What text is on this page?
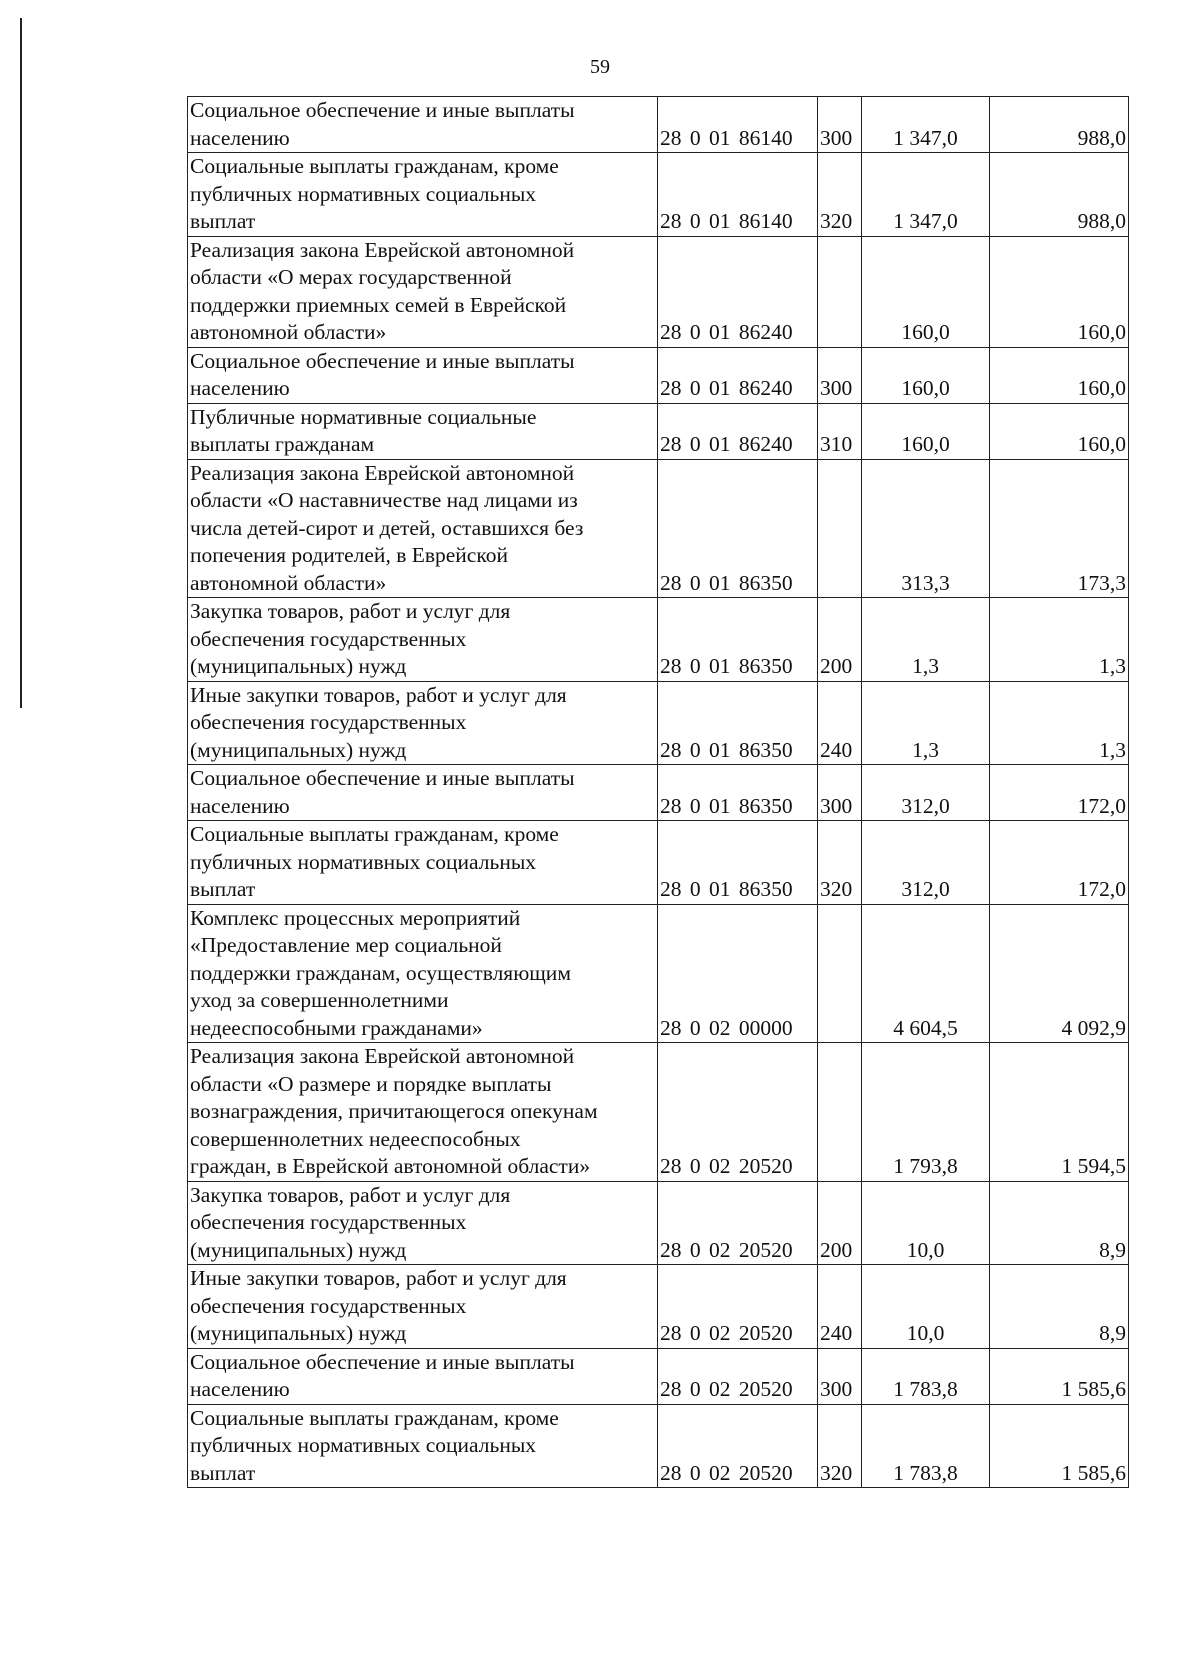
59
Социальное обеспечение и иные выплаты
населению	28 0 01 86140	300	1 347,0	988,0
Социальные выплаты гражданам, кроме
публичных нормативных социальных
выплат	28 0 01 86140	320	1 347,0	988,0
Реализация закона Еврейской автономной
области «О мерах государственной
поддержки приемных семей в Еврейской
автономной области»	28 0 01 86240		160,0	160,0
Социальное обеспечение и иные выплаты
населению	28 0 01 86240	300	160,0	160,0
Публичные нормативные социальные
выплаты гражданам	28 0 01 86240	310	160,0	160,0
Реализация закона Еврейской автономной
области «О наставничестве над лицами из
числа детей-сирот и детей, оставшихся без
попечения родителей, в Еврейской
автономной области»	28 0 01 86350		313,3	173,3
Закупка товаров, работ и услуг для
обеспечения государственных
(муниципальных) нужд	28 0 01 86350	200	1,3	1,3
Иные закупки товаров, работ и услуг для
обеспечения государственных
(муниципальных) нужд	28 0 01 86350	240	1,3	1,3
Социальное обеспечение и иные выплаты
населению	28 0 01 86350	300	312,0	172,0
Социальные выплаты гражданам, кроме
публичных нормативных социальных
выплат	28 0 01 86350	320	312,0	172,0
Комплекс процессных мероприятий
«Предоставление мер социальной
поддержки гражданам, осуществляющим
уход за совершеннолетними
недееспособными гражданами»	28 0 02 00000		4 604,5	4 092,9
Реализация закона Еврейской автономной
области «О размере и порядке выплаты
вознаграждения, причитающегося опекунам
совершеннолетних недееспособных
граждан, в Еврейской автономной области»	28 0 02 20520		1 793,8	1 594,5
Закупка товаров, работ и услуг для
обеспечения государственных
(муниципальных) нужд	28 0 02 20520	200	10,0	8,9
Иные закупки товаров, работ и услуг для
обеспечения государственных
(муниципальных) нужд	28 0 02 20520	240	10,0	8,9
Социальное обеспечение и иные выплаты
населению	28 0 02 20520	300	1 783,8	1 585,6
Социальные выплаты гражданам, кроме
публичных нормативных социальных
выплат	28 0 02 20520	320	1 783,8	1 585,6
